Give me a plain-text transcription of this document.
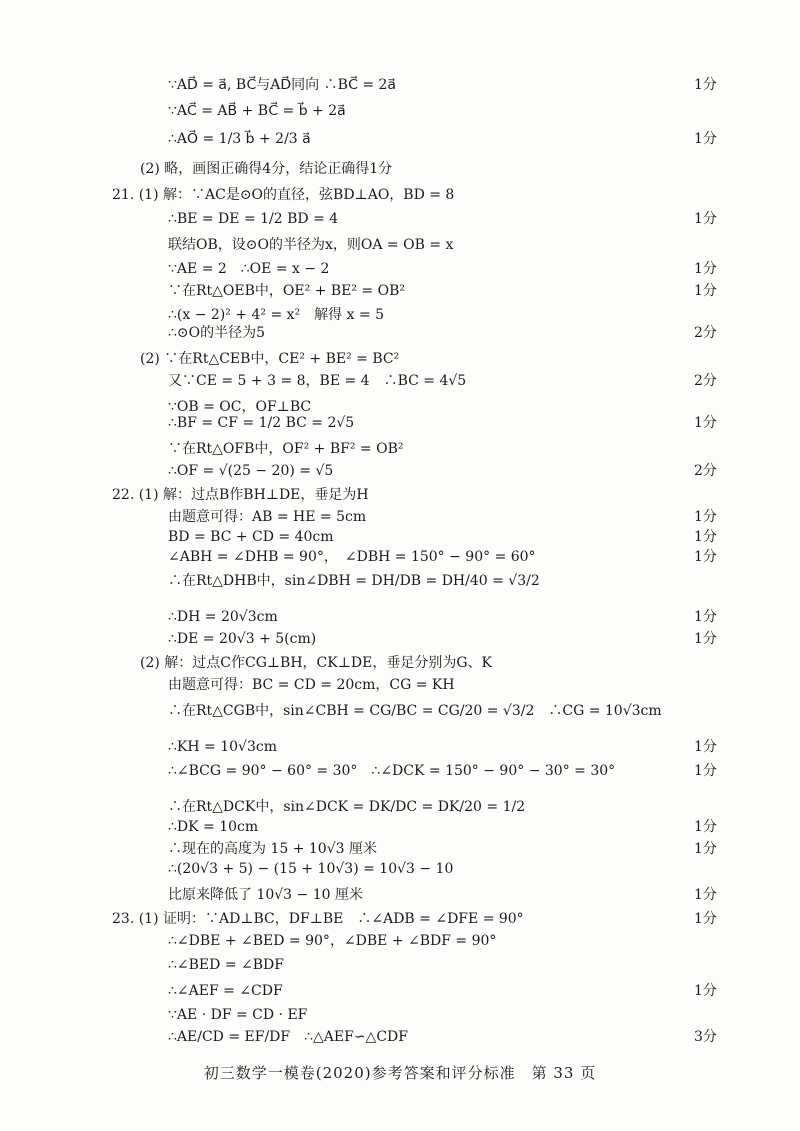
∵AD⃗ = a⃗, BC⃗与AD⃗同向 ∴BC⃗ = 2a⃗	1分
∵AC⃗ = AB⃗ + BC⃗ = b⃗ + 2a⃗
∴AO⃗ = 1/3 b⃗ + 2/3 a⃗	1分
(2) 略，画图正确得4分，结论正确得1分
21. (1) 解：∵AC是⊙O的直径，弦BD⊥AO，BD = 8
∴BE = DE = 1/2 BD = 4	1分
联结OB，设⊙O的半径为x，则OA = OB = x
∵AE = 2　∴OE = x − 2	1分
∵在Rt△OEB中，OE² + BE² = OB²	1分
∴(x − 2)² + 4² = x²　解得 x = 5
∴⊙O的半径为5	2分
(2) ∵在Rt△CEB中，CE² + BE² = BC²
又∵CE = 5 + 3 = 8，BE = 4　∴BC = 4√5	2分
∵OB = OC，OF⊥BC
∴BF = CF = 1/2 BC = 2√5	1分
∵在Rt△OFB中，OF² + BF² = OB²
∴OF = √(25 − 20) = √5	2分
22. (1) 解：过点B作BH⊥DE，垂足为H
由题意可得：AB = HE = 5cm	1分
BD = BC + CD = 40cm	1分
∠ABH = ∠DHB = 90°，　∠DBH = 150° − 90° = 60°	1分
∴在Rt△DHB中，sin∠DBH = DH/DB = DH/40 = √3/2
∴DH = 20√3cm	1分
∴DE = 20√3 + 5(cm)	1分
(2) 解：过点C作CG⊥BH，CK⊥DE，垂足分别为G、K
由题意可得：BC = CD = 20cm，CG = KH
∴在Rt△CGB中，sin∠CBH = CG/BC = CG/20 = √3/2　∴CG = 10√3cm
∴KH = 10√3cm	1分
∴∠BCG = 90° − 60° = 30°　∴∠DCK = 150° − 90° − 30° = 30°	1分
∴在Rt△DCK中，sin∠DCK = DK/DC = DK/20 = 1/2
∴DK = 10cm	1分
∴现在的高度为 15 + 10√3 厘米	1分
∴(20√3 + 5) − (15 + 10√3) = 10√3 − 10
比原来降低了 10√3 − 10 厘米	1分
23. (1) 证明：∵AD⊥BC，DF⊥BE　∴∠ADB = ∠DFE = 90°	1分
∴∠DBE + ∠BED = 90°，∠DBE + ∠BDF = 90°
∴∠BED = ∠BDF
∴∠AEF = ∠CDF	1分
∵AE · DF = CD · EF
∴AE/CD = EF/DF　∴△AEF∽△CDF	3分
初三数学一模卷(2020)参考答案和评分标准　第 33 页
